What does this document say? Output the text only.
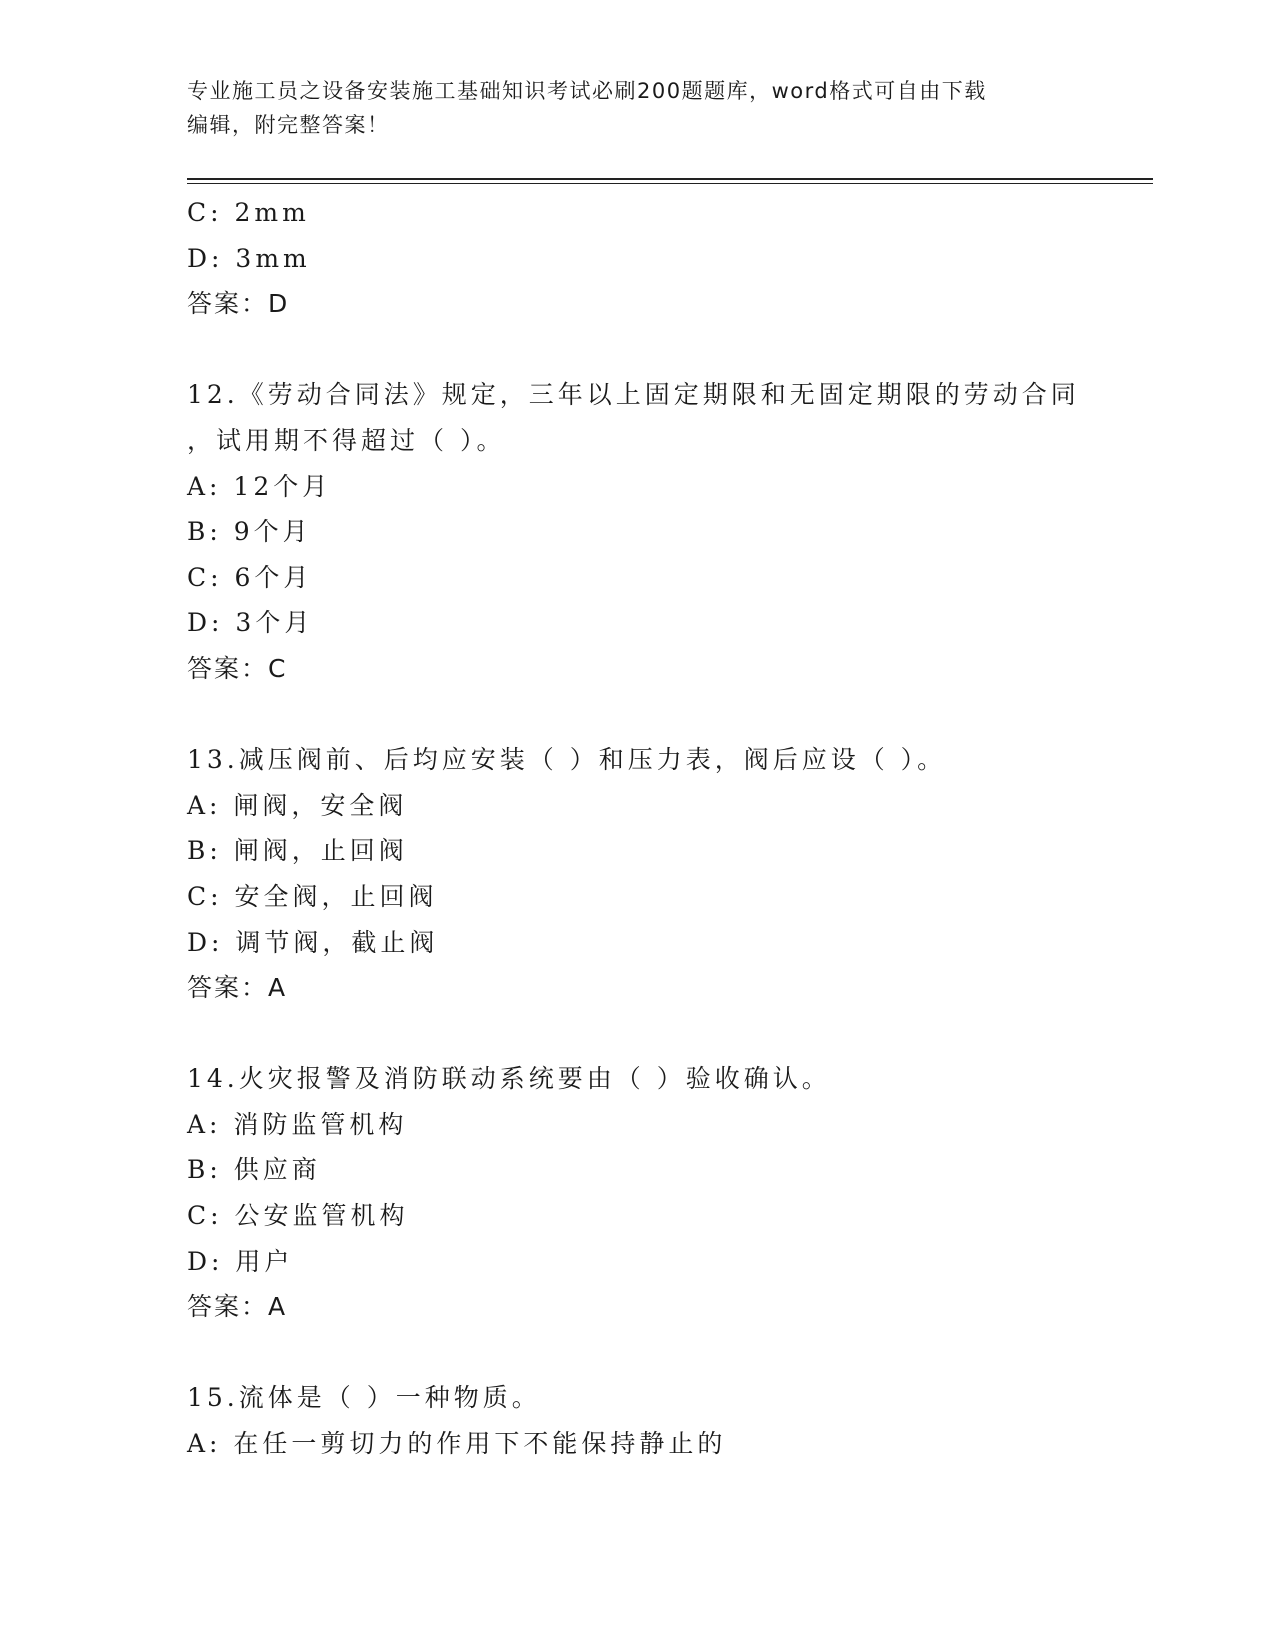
专业施工员之设备安装施工基础知识考试必刷200题题库，word格式可自由下载
编辑，附完整答案！
C: 2mm
D: 3mm
答案：D
12.《劳动合同法》规定，三年以上固定期限和无固定期限的劳动合同
，试用期不得超过（ ）。
A: 12个月
B: 9个月
C: 6个月
D: 3个月
答案：C
13.减压阀前、后均应安装（ ）和压力表，阀后应设（ ）。
A: 闸阀，安全阀
B: 闸阀，止回阀
C: 安全阀，止回阀
D: 调节阀，截止阀
答案：A
14.火灾报警及消防联动系统要由（ ）验收确认。
A: 消防监管机构
B: 供应商
C: 公安监管机构
D: 用户
答案：A
15.流体是（ ）一种物质。
A: 在任一剪切力的作用下不能保持静止的
